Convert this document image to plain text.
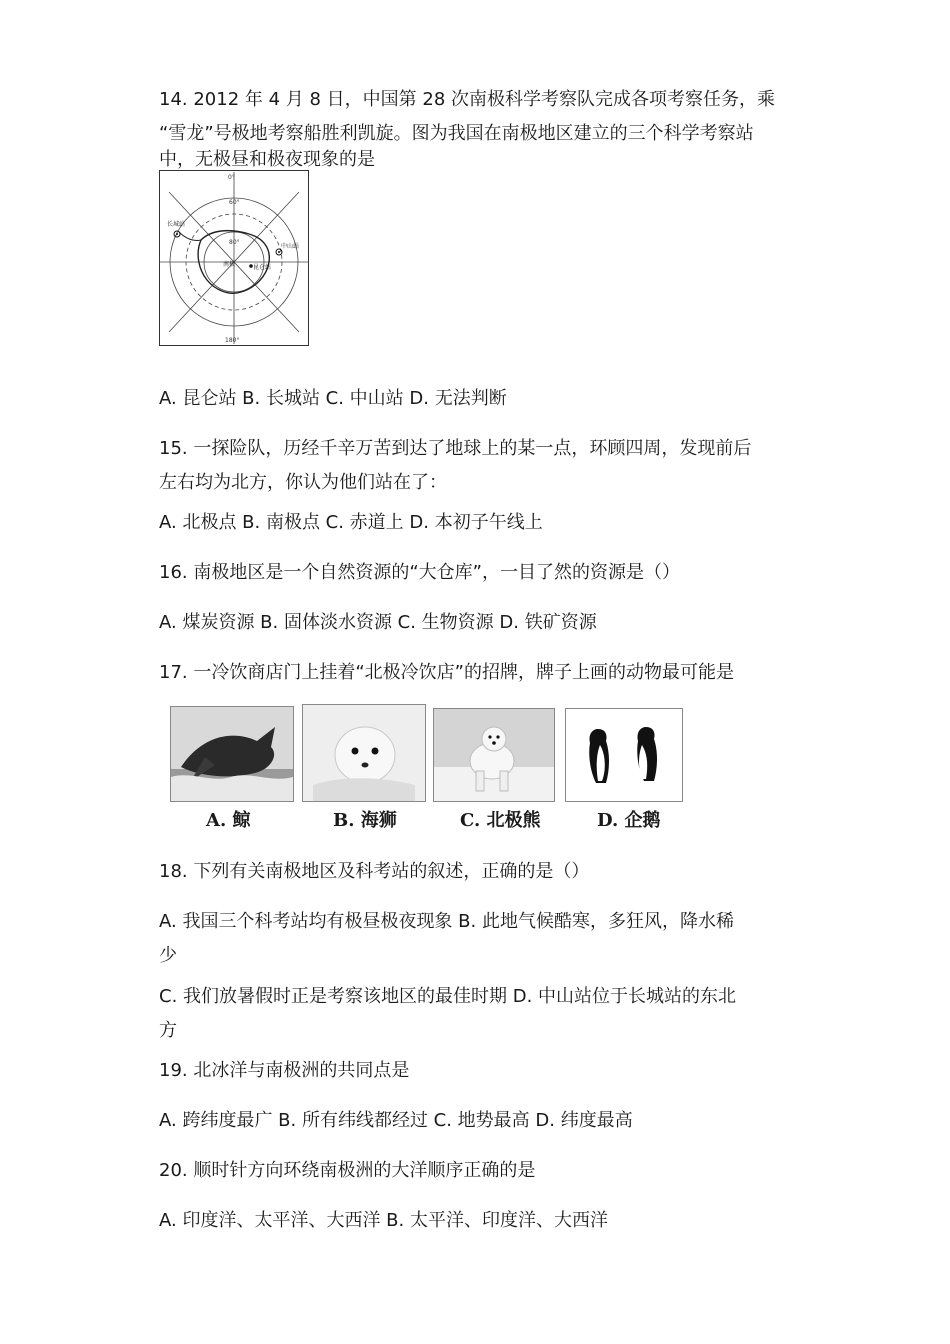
14. 2012 年 4 月 8 日，中国第 28 次南极科学考察队完成各项考察任务，乘
“雪龙”号极地考察船胜利凯旋。图为我国在南极地区建立的三个科学考察站
中，无极昼和极夜现象的是
0°
60°
80°
180°
长城站
中山站
昆仑站
南极
A. 昆仑站 B. 长城站 C. 中山站 D. 无法判断
15. 一探险队，历经千辛万苦到达了地球上的某一点，环顾四周，发现前后
左右均为北方，你认为他们站在了：
A. 北极点 B. 南极点 C. 赤道上 D. 本初子午线上
16. 南极地区是一个自然资源的“大仓库”，一目了然的资源是（）
A. 煤炭资源 B. 固体淡水资源 C. 生物资源 D. 铁矿资源
17. 一冷饮商店门上挂着“北极冷饮店”的招牌，牌子上画的动物最可能是
A. 鲸	B. 海狮	C. 北极熊	D. 企鹅
18. 下列有关南极地区及科考站的叙述，正确的是（）
A. 我国三个科考站均有极昼极夜现象 B. 此地气候酷寒，多狂风，降水稀
少
C. 我们放暑假时正是考察该地区的最佳时期 D. 中山站位于长城站的东北
方
19. 北冰洋与南极洲的共同点是
A. 跨纬度最广 B. 所有纬线都经过 C. 地势最高 D. 纬度最高
20. 顺时针方向环绕南极洲的大洋顺序正确的是
A. 印度洋、太平洋、大西洋 B. 太平洋、印度洋、大西洋
